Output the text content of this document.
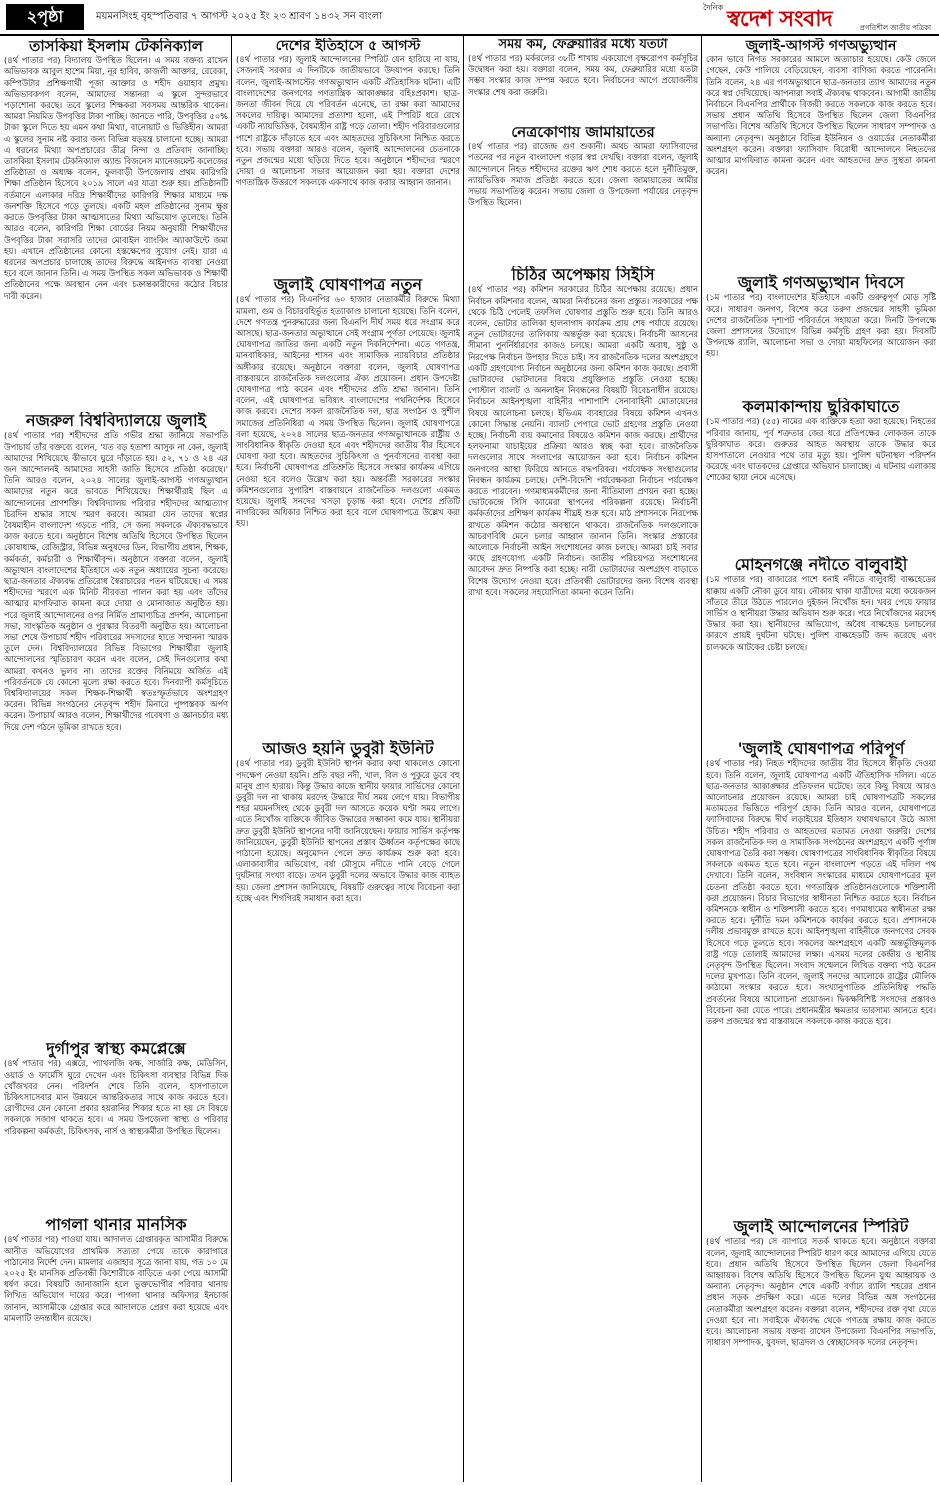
২পৃষ্ঠা	ময়মনসিংহ বৃহস্পতিবার ৭ আগস্ট ২০২৫ ইং ২৩ শ্রাবণ ১৪৩২ সন বাংলা
দৈনিক স্বদেশ সংবাদ	প্রগতিশীল জাতীয় পত্রিকা
তাসকিয়া ইসলাম টেকনিক্যাল
(৪র্থ পাতার পর) বিদ্যালয় উপস্থিত ছিলেন। এ সময় বক্তব্য রাখেন অভিভাবক আবুল হাশেম মিয়া, নূর হাবিব, কাজলী আক্তার, রেবেকা, কম্পিউটার প্রশিক্ষণার্থী পূজা আক্তার ও শহীদ ওয়াহাব প্রমুখ। অভিভাবকগণ বলেন, আমাদের সন্তানরা এ স্কুলে সুন্দরভাবে পড়াশোনা করছে। তবে স্কুলের শিক্ষকরা সবসময় আন্তরিক থাকেন। আমরা নিয়মিত উপবৃত্তির টাকা পাচ্ছি। জানতে পারি, উপবৃত্তির ৫০% টাকা স্কুলে দিতে হয় এমন কথা মিথ্যা, বানোয়াট ও ভিত্তিহীন। আমরা এ স্কুলের সুনাম নষ্ট করার জন্য বিভিন্ন ষড়যন্ত্র চালানো হচ্ছে। আমরা এ ধরনের মিথ্যা অপপ্রচারের তীব্র নিন্দা ও প্রতিবাদ জানাচ্ছি। তাসকিয়া ইসলাম টেকনিক্যাল অ্যান্ড বিজনেস ম্যানেজমেন্ট কলেজের প্রতিষ্ঠাতা ও অধ্যক্ষ বলেন, ফুলবাড়ী উপজেলায় প্রথম কারিগরি শিক্ষা প্রতিষ্ঠান হিসেবে ২০১৯ সালে এর যাত্রা শুরু হয়। প্রতিষ্ঠানটি বর্তমানে এলাকার দরিদ্র শিক্ষার্থীদের কারিগরি শিক্ষার মাধ্যমে দক্ষ জনশক্তি হিসেবে গড়ে তুলছে। একটি মহল প্রতিষ্ঠানের সুনাম ক্ষুণ্ণ করতে উপবৃত্তির টাকা আত্মসাতের মিথ্যা অভিযোগ তুলেছে। তিনি আরও বলেন, কারিগরি শিক্ষা বোর্ডের নিয়ম অনুযায়ী শিক্ষার্থীদের উপবৃত্তির টাকা সরাসরি তাদের মোবাইল ব্যাংকিং অ্যাকাউন্টে জমা হয়। এখানে প্রতিষ্ঠানের কোনো হস্তক্ষেপের সুযোগ নেই। যারা এ ধরনের অপপ্রচার চালাচ্ছে তাদের বিরুদ্ধে আইনগত ব্যবস্থা নেওয়া হবে বলে জানান তিনি। এ সময় উপস্থিত সকল অভিভাবক ও শিক্ষার্থী প্রতিষ্ঠানের পক্ষে অবস্থান নেন এবং চক্রান্তকারীদের কঠোর বিচার দাবী করেন।
নজরুল বিশ্ববিদ্যালয়ে জুলাই
(৪র্থ পাতার পর) শহীদদের প্রতি গভীর শ্রদ্ধা জানিয়ে সভাপতি উপাচার্য তাঁর বক্তব্যে বলেন, 'যত বড় হতাশা আসুক না কেন, জুলাই আমাদের শিখিয়েছে কীভাবে ঘুরে দাঁড়াতে হয়। ৫২, ৭১ ও ২৪ এর জন আন্দোলনই আমাদের সাহসী জাতি হিসেবে প্রতিষ্ঠা করেছে।' তিনি আরও বলেন, ২০২৪ সালের জুলাই-আগস্ট গণঅভ্যুত্থান আমাদের নতুন করে ভাবতে শিখিয়েছে। শিক্ষার্থীরাই ছিল এ আন্দোলনের প্রাণশক্তি। বিশ্ববিদ্যালয় পরিবার শহীদদের আত্মত্যাগ চিরদিন শ্রদ্ধার সাথে স্মরণ করবে। আমরা যেন তাদের স্বপ্নের বৈষম্যহীন বাংলাদেশ গড়তে পারি, সে জন্য সকলকে ঐক্যবদ্ধভাবে কাজ করতে হবে। অনুষ্ঠানে বিশেষ অতিথি হিসেবে উপস্থিত ছিলেন কোষাধ্যক্ষ, রেজিস্ট্রার, বিভিন্ন অনুষদের ডিন, বিভাগীয় প্রধান, শিক্ষক, কর্মকর্তা, কর্মচারী ও শিক্ষার্থীবৃন্দ। অনুষ্ঠানে বক্তারা বলেন, জুলাই অভ্যুত্থান বাংলাদেশের ইতিহাসে এক নতুন অধ্যায়ের সূচনা করেছে। ছাত্র-জনতার ঐক্যবদ্ধ প্রতিরোধ স্বৈরাচারের পতন ঘটিয়েছে। এ সময় শহীদদের স্মরণে এক মিনিট নীরবতা পালন করা হয় এবং তাঁদের আত্মার মাগফিরাত কামনা করে দোয়া ও মোনাজাত অনুষ্ঠিত হয়। পরে জুলাই আন্দোলনের ওপর নির্মিত প্রামাণ্যচিত্র প্রদর্শন, আলোচনা সভা, সাংস্কৃতিক অনুষ্ঠান ও পুরস্কার বিতরণী অনুষ্ঠিত হয়। আলোচনা সভা শেষে উপাচার্য শহীদ পরিবারের সদস্যদের হাতে সম্মাননা স্মারক তুলে দেন। বিশ্ববিদ্যালয়ের বিভিন্ন বিভাগের শিক্ষার্থীরা জুলাই আন্দোলনের স্মৃতিচারণ করেন এবং বলেন, সেই দিনগুলোর কথা আমরা কখনও ভুলব না। তাদের রক্তের বিনিময়ে অর্জিত এই পরিবর্তনকে যে কোনো মূল্যে রক্ষা করতে হবে। দিনব্যাপী কর্মসূচিতে বিশ্ববিদ্যালয়ের সকল শিক্ষক-শিক্ষার্থী স্বতঃস্ফূর্তভাবে অংশগ্রহণ করেন। বিভিন্ন সংগঠনের নেতৃবৃন্দ শহীদ মিনারে পুষ্পস্তবক অর্পণ করেন। উপাচার্য আরও বলেন, শিক্ষার্থীদের গবেষণা ও জ্ঞানচর্চার মধ্য দিয়ে দেশ গঠনে ভূমিকা রাখতে হবে।
দুর্গাপুর স্বাস্থ্য কমপ্লেক্সে
(৪র্থ পাতার পর) এক্সরে, প্যাথলজি কক্ষ, সার্জারি কক্ষ, মেডিসিন, ওয়ার্ড ও ফার্মেসি ঘুরে দেখেন এবং চিকিৎসা ব্যবস্থার বিভিন্ন দিক খোঁজখবর নেন। পরিদর্শন শেষে তিনি বলেন, হাসপাতালে চিকিৎসাসেবার মান উন্নয়নে আন্তরিকতার সাথে কাজ করতে হবে। রোগীদের যেন কোনো প্রকার হয়রানির শিকার হতে না হয় সে বিষয়ে সকলকে সজাগ থাকতে হবে। এ সময় উপজেলা স্বাস্থ্য ও পরিবার পরিকল্পনা কর্মকর্তা, চিকিৎসক, নার্স ও স্বাস্থ্যকর্মীরা উপস্থিত ছিলেন।
পাগলা থানার মানসিক
(৪র্থ পাতার পর) পাওয়া যায়। আদালত গ্রেপ্তারকৃত আসামীর বিরুদ্ধে আনীত অভিযোগের প্রাথমিক সত্যতা পেয়ে তাকে কারাগারে পাঠানোর নির্দেশ দেন। মামলার এজাহার সূত্রে জানা যায়, গত ১০ মে ২০২৫ ইং মানসিক প্রতিবন্ধী কিশোরীকে বাড়িতে একা পেয়ে আসামী ধর্ষণ করে। বিষয়টি জানাজানি হলে ভুক্তভোগীর পরিবার থানায় লিখিত অভিযোগ দায়ের করে। পাগলা থানার অফিসার ইনচার্জ জানান, আসামীকে গ্রেপ্তার করে আদালতে প্রেরণ করা হয়েছে এবং মামলাটি তদন্তাধীন রয়েছে।
দেশের ইতিহাসে ৫ আগস্ট
(৪র্থ পাতার পর) জুলাই আন্দোলনের স্পিরিট যেন হারিয়ে না যায়, সেজন্যই সরকার এ দিনটিকে জাতীয়ভাবে উদযাপন করছে। তিনি বলেন, জুলাই-আগস্টের গণঅভ্যুত্থান একটি ঐতিহাসিক ঘটনা। এটি বাংলাদেশের জনগণের গণতান্ত্রিক আকাঙ্ক্ষার বহিঃপ্রকাশ। ছাত্র-জনতা জীবন দিয়ে যে পরিবর্তন এনেছে, তা রক্ষা করা আমাদের সকলের দায়িত্ব। আমাদের প্রত্যাশা হলো, এই স্পিরিট ধরে রেখে একটি ন্যায়ভিত্তিক, বৈষম্যহীন রাষ্ট্র গড়ে তোলা। শহীদ পরিবারগুলোর পাশে রাষ্ট্রকে দাঁড়াতে হবে এবং আহতদের সুচিকিৎসা নিশ্চিত করতে হবে। সভায় বক্তারা আরও বলেন, জুলাই আন্দোলনের চেতনাকে নতুন প্রজন্মের মধ্যে ছড়িয়ে দিতে হবে। অনুষ্ঠানে শহীদদের স্মরণে দোয়া ও আলোচনা সভার আয়োজন করা হয়। বক্তারা দেশের গণতান্ত্রিক উত্তরণে সকলকে একসাথে কাজ করার আহ্বান জানান।
জুলাই ঘোষণাপত্র নতুন
(৪র্থ পাতার পর) বিএনপির ৬০ হাজার নেতাকর্মীর বিরুদ্ধে মিথ্যা মামলা, গুম ও বিচারবহির্ভূত হত্যাকাণ্ড চালানো হয়েছে। তিনি বলেন, দেশে গণতন্ত্র পুনরুদ্ধারের জন্য বিএনপি দীর্ঘ সময় ধরে সংগ্রাম করে আসছে। ছাত্র-জনতার অভ্যুত্থানে সেই সংগ্রাম পূর্ণতা পেয়েছে। জুলাই ঘোষণাপত্র জাতির জন্য একটি নতুন দিকনির্দেশনা। এতে গণতন্ত্র, মানবাধিকার, আইনের শাসন এবং সামাজিক ন্যায়বিচার প্রতিষ্ঠার অঙ্গীকার রয়েছে। অনুষ্ঠানে বক্তারা বলেন, জুলাই ঘোষণাপত্র বাস্তবায়নে রাজনৈতিক দলগুলোর ঐক্য প্রয়োজন। প্রধান উপদেষ্টা ঘোষণাপত্র পাঠ করেন এবং শহীদদের প্রতি শ্রদ্ধা জানান। তিনি বলেন, এই ঘোষণাপত্র ভবিষ্যৎ বাংলাদেশের পথনির্দেশক হিসেবে কাজ করবে। দেশের সকল রাজনৈতিক দল, ছাত্র সংগঠন ও সুশীল সমাজের প্রতিনিধিরা এ সময় উপস্থিত ছিলেন। জুলাই ঘোষণাপত্রে বলা হয়েছে, ২০২৪ সালের ছাত্র-জনতার গণঅভ্যুত্থানকে রাষ্ট্রীয় ও সাংবিধানিক স্বীকৃতি দেওয়া হবে এবং শহীদদের জাতীয় বীর হিসেবে ঘোষণা করা হবে। আহতদের সুচিকিৎসা ও পুনর্বাসনের ব্যবস্থা করা হবে। নির্বাচনী ঘোষণাপত্র প্রতিশ্রুতি হিসেবে সংস্কার কার্যক্রম এগিয়ে নেওয়া হবে বলেও উল্লেখ করা হয়। অন্তর্বর্তী সরকারের সংস্কার কমিশনগুলোর সুপারিশ বাস্তবায়নে রাজনৈতিক দলগুলো একমত হয়েছে। জুলাই সনদের খসড়া চূড়ান্ত করা হবে। দেশের প্রতিটি নাগরিকের অধিকার নিশ্চিত করা হবে বলে ঘোষণাপত্রে উল্লেখ করা হয়।
আজও হয়নি ডুবুরী ইউনিট
(৪র্থ পাতার পর) ডুবুরী ইউনিট স্থাপন করার কথা থাকলেও কোনো পদক্ষেপ নেওয়া হয়নি। প্রতি বছর নদী, খাল, বিল ও পুকুরে ডুবে বহু মানুষ প্রাণ হারায়। কিন্তু উদ্ধার কাজে স্থানীয় ফায়ার সার্ভিসের কোনো ডুবুরী দল না থাকায় মরদেহ উদ্ধারে দীর্ঘ সময় লেগে যায়। বিভাগীয় শহর ময়মনসিংহ থেকে ডুবুরী দল আসতে কয়েক ঘণ্টা সময় লাগে। এতে নিখোঁজ ব্যক্তিকে জীবিত উদ্ধারের সম্ভাবনা কমে যায়। স্থানীয়রা দ্রুত ডুবুরী ইউনিট স্থাপনের দাবী জানিয়েছেন। ফায়ার সার্ভিস কর্তৃপক্ষ জানিয়েছেন, ডুবুরী ইউনিট স্থাপনের প্রস্তাব ঊর্ধ্বতন কর্তৃপক্ষের কাছে পাঠানো হয়েছে। অনুমোদন পেলে দ্রুত কার্যক্রম শুরু করা হবে। এলাকাবাসীর অভিযোগ, বর্ষা মৌসুমে নদীতে পানি বেড়ে গেলে দুর্ঘটনার সংখ্যা বাড়ে। তখন ডুবুরী দলের অভাবে উদ্ধার কাজ ব্যাহত হয়। জেলা প্রশাসন জানিয়েছে, বিষয়টি গুরুত্বের সাথে বিবেচনা করা হচ্ছে এবং শিগগিরই সমাধান করা হবে।
সময় কম, ফেব্রুয়ারির মধ্যে যতটা
(৪র্থ পাতার পর) মর্করলের ৩৮টি শাখায় একযোগে বৃক্ষরোপণ কর্মসূচির উদ্বোধন করা হয়। বক্তারা বলেন, সময় কম, ফেব্রুয়ারির মধ্যে যতটা সম্ভব সংস্কার কাজ সম্পন্ন করতে হবে। নির্বাচনের আগে প্রয়োজনীয় সংস্কার শেষ করা জরুরি।
নেত্রকোণায় জামায়াতের
(৪র্থ পাতার পর) রাজেন্দ্র গুণ শুকানী। অথচ আমরা ফ্যাসিবাদের পতনের পর নতুন বাংলাদেশ গড়ার স্বপ্ন দেখছি। বক্তারা বলেন, জুলাই আন্দোলনে নিহত শহীদদের রক্তের ঋণ শোধ করতে হলে দুর্নীতিমুক্ত, ন্যায়ভিত্তিক সমাজ প্রতিষ্ঠা করতে হবে। জেলা জামায়াতের আমীর সভায় সভাপতিত্ব করেন। সভায় জেলা ও উপজেলা পর্যায়ের নেতৃবৃন্দ উপস্থিত ছিলেন।
চিঠির অপেক্ষায় সিইসি
(৪র্থ পাতার পর) কমিশন সরকারের চিঠির অপেক্ষায় রয়েছে। প্রধান নির্বাচন কমিশনার বলেন, আমরা নির্বাচনের জন্য প্রস্তুত। সরকারের পক্ষ থেকে চিঠি পেলেই তফসিল ঘোষণার প্রস্তুতি শুরু হবে। তিনি আরও বলেন, ভোটার তালিকা হালনাগাদ কার্যক্রম প্রায় শেষ পর্যায়ে রয়েছে। নতুন ভোটারদের তালিকায় অন্তর্ভুক্ত করা হয়েছে। নির্বাচনী আসনের সীমানা পুনর্নির্ধারণের কাজও চলছে। আমরা একটি অবাধ, সুষ্ঠু ও নিরপেক্ষ নির্বাচন উপহার দিতে চাই। সব রাজনৈতিক দলের অংশগ্রহণে একটি গ্রহণযোগ্য নির্বাচন অনুষ্ঠানের জন্য কমিশন কাজ করছে। প্রবাসী ভোটারদের ভোটদানের বিষয়ে প্রযুক্তিগত প্রস্তুতি নেওয়া হচ্ছে। পোস্টাল ব্যালট ও অনলাইন নিবন্ধনের বিষয়টি বিবেচনাধীন রয়েছে। নির্বাচনে আইনশৃঙ্খলা বাহিনীর পাশাপাশি সেনাবাহিনী মোতায়েনের বিষয়ে আলোচনা চলছে। ইভিএম ব্যবহারের বিষয়ে কমিশন এখনও কোনো সিদ্ধান্ত নেয়নি। ব্যালট পেপারে ভোট গ্রহণের প্রস্তুতি নেওয়া হচ্ছে। নির্বাচনী ব্যয় কমানোর বিষয়েও কমিশন কাজ করছে। প্রার্থীদের হলফনামা যাচাইয়ের প্রক্রিয়া আরও স্বচ্ছ করা হবে। রাজনৈতিক দলগুলোর সাথে সংলাপের আয়োজন করা হবে। নির্বাচন কমিশন জনগণের আস্থা ফিরিয়ে আনতে বদ্ধপরিকর। পর্যবেক্ষক সংস্থাগুলোর নিবন্ধন কার্যক্রম চলছে। দেশি-বিদেশি পর্যবেক্ষকরা নির্বাচন পর্যবেক্ষণ করতে পারবেন। গণমাধ্যমকর্মীদের জন্য নীতিমালা প্রণয়ন করা হচ্ছে। ভোটকেন্দ্রে সিসি ক্যামেরা স্থাপনের পরিকল্পনা রয়েছে। নির্বাচনী কর্মকর্তাদের প্রশিক্ষণ কার্যক্রম শীঘ্রই শুরু হবে। মাঠ প্রশাসনকে নিরপেক্ষ রাখতে কমিশন কঠোর অবস্থানে থাকবে। রাজনৈতিক দলগুলোকে আচরণবিধি মেনে চলার আহ্বান জানান তিনি। সংস্কার প্রস্তাবের আলোকে নির্বাচনী আইন সংশোধনের কাজ চলছে। আমরা চাই সবার কাছে গ্রহণযোগ্য একটি নির্বাচন। জাতীয় পরিচয়পত্র সংশোধনের আবেদন দ্রুত নিষ্পত্তি করা হচ্ছে। নারী ভোটারদের অংশগ্রহণ বাড়াতে বিশেষ উদ্যোগ নেওয়া হবে। প্রতিবন্ধী ভোটারদের জন্য বিশেষ ব্যবস্থা রাখা হবে। সকলের সহযোগিতা কামনা করেন তিনি।
জুলাই-আগস্ট গণঅভ্যুত্থান
কোন ভাবে নিগত সরকারের আমলে অত্যাচার হয়েছে। কেউ জেলে গেছেন, কেউ পালিয়ে বেড়িয়েছেন, ব্যবসা বাণিজ্য করতে পারেননি। তিনি বলেন, ২৪ এর গণঅভ্যুত্থানে ছাত্র-জনতার ত্যাগ আমাদের নতুন করে স্বপ্ন দেখিয়েছে। আপনারা সবাই ঐক্যবদ্ধ থাকবেন। আগামী জাতীয় নির্বাচনে বিএনপির প্রার্থীকে বিজয়ী করতে সকলকে কাজ করতে হবে। সভায় প্রধান অতিথি হিসেবে উপস্থিত ছিলেন জেলা বিএনপির সভাপতি। বিশেষ অতিথি হিসেবে উপস্থিত ছিলেন সাধারণ সম্পাদক ও অন্যান্য নেতৃবৃন্দ। অনুষ্ঠানে বিভিন্ন ইউনিয়ন ও ওয়ার্ডের নেতাকর্মীরা অংশগ্রহণ করেন। বক্তারা ফ্যাসিবাদ বিরোধী আন্দোলনে নিহতদের আত্মার মাগফিরাত কামনা করেন এবং আহতদের দ্রুত সুস্থতা কামনা করেন।
জুলাই গণঅভ্যুত্থান দিবসে
(১ম পাতার পর) বাংলাদেশের ইতিহাসে একটি গুরুত্বপূর্ণ মোড় সৃষ্টি করে। সাধারণ জনগণ, বিশেষ করে তরুণ প্রজন্মের সাহসী ভূমিকা দেশের রাজনৈতিক দৃশ্যপট পরিবর্তনে সহায়তা করে। দিনটি উপলক্ষে জেলা প্রশাসনের উদ্যোগে বিভিন্ন কর্মসূচি গ্রহণ করা হয়। দিবসটি উপলক্ষে র‍্যালি, আলোচনা সভা ও দোয়া মাহফিলের আয়োজন করা হয়।
কলমাকান্দায় ছুরিকাঘাতে
(১ম পাতার পর) (৫৫) নামের এক ব্যক্তিকে হত্যা করা হয়েছে। নিহতের পরিবার জানায়, পূর্ব শত্রুতার জের ধরে প্রতিপক্ষের লোকজন তাকে ছুরিকাঘাত করে। গুরুতর আহত অবস্থায় তাকে উদ্ধার করে হাসপাতালে নেওয়ার পথে তার মৃত্যু হয়। পুলিশ ঘটনাস্থল পরিদর্শন করেছে এবং ঘাতকদের গ্রেপ্তারে অভিযান চালাচ্ছে। এ ঘটনায় এলাকায় শোকের ছায়া নেমে এসেছে।
মোহনগঞ্জে নদীতে বালুবাহী
(১ম পাতার পর) বাজারের পাশে ধনাই নদীতে বালুবাহী বাল্কহেডের ধাক্কায় একটি নৌকা ডুবে যায়। নৌকায় থাকা যাত্রীদের মধ্যে কয়েকজন সাঁতরে তীরে উঠতে পারলেও দুইজন নিখোঁজ হন। খবর পেয়ে ফায়ার সার্ভিস ও স্থানীয়রা উদ্ধার অভিযান শুরু করে। পরে নিখোঁজদের মরদেহ উদ্ধার করা হয়। স্থানীয়দের অভিযোগ, অবৈধ বাল্কহেড চলাচলের কারণে প্রায়ই দুর্ঘটনা ঘটছে। পুলিশ বাল্কহেডটি জব্দ করেছে এবং চালককে আটকের চেষ্টা চলছে।
'জুলাই ঘোষণাপত্র পরিপূর্ণ
(৪র্থ পাতার পর) নিহত শহীদদের জাতীয় বীর হিসেবে স্বীকৃতি দেওয়া হবে। তিনি বলেন, জুলাই ঘোষণাপত্র একটি ঐতিহাসিক দলিল। এতে ছাত্র-জনতার আকাঙ্ক্ষার প্রতিফলন ঘটেছে। তবে কিছু বিষয়ে আরও আলোচনার প্রয়োজন রয়েছে। আমরা চাই ঘোষণাপত্রটি সকলের মতামতের ভিত্তিতে পরিপূর্ণ হোক। তিনি আরও বলেন, ঘোষণাপত্রে ফ্যাসিবাদের বিরুদ্ধে দীর্ঘ লড়াইয়ের ইতিহাস যথাযথভাবে উঠে আসা উচিত। শহীদ পরিবার ও আহতদের মতামত নেওয়া জরুরি। দেশের সকল রাজনৈতিক দল ও সামাজিক সংগঠনের অংশগ্রহণে একটি পূর্ণাঙ্গ ঘোষণাপত্র তৈরি করা সম্ভব। ঘোষণাপত্রের সাংবিধানিক স্বীকৃতির বিষয়ে সকলকে একমত হতে হবে। নতুন বাংলাদেশ গড়তে এই দলিল পথ দেখাবে। তিনি বলেন, সংবিধান সংস্কারের মাধ্যমে ঘোষণাপত্রের মূল চেতনা প্রতিষ্ঠা করতে হবে। গণতান্ত্রিক প্রতিষ্ঠানগুলোকে শক্তিশালী করা প্রয়োজন। বিচার বিভাগের স্বাধীনতা নিশ্চিত করতে হবে। নির্বাচন কমিশনকে স্বাধীন ও শক্তিশালী করতে হবে। গণমাধ্যমের স্বাধীনতা রক্ষা করতে হবে। দুর্নীতি দমন কমিশনকে কার্যকর করতে হবে। প্রশাসনকে দলীয় প্রভাবমুক্ত রাখতে হবে। আইনশৃঙ্খলা বাহিনীকে জনগণের সেবক হিসেবে গড়ে তুলতে হবে। সকলের অংশগ্রহণে একটি অন্তর্ভুক্তিমূলক রাষ্ট্র গড়ে তোলাই আমাদের লক্ষ্য। এসময় দলের কেন্দ্রীয় ও স্থানীয় নেতৃবৃন্দ উপস্থিত ছিলেন। সংবাদ সম্মেলনে লিখিত বক্তব্য পাঠ করেন দলের মুখপাত্র। তিনি বলেন, জুলাই সনদের আলোকে রাষ্ট্রের মৌলিক কাঠামো সংস্কার করতে হবে। সংখ্যানুপাতিক প্রতিনিধিত্ব পদ্ধতি প্রবর্তনের বিষয়ে আলোচনা প্রয়োজন। দ্বিকক্ষবিশিষ্ট সংসদের প্রস্তাবও বিবেচনা করা যেতে পারে। প্রধানমন্ত্রীর ক্ষমতার ভারসাম্য আনতে হবে। তরুণ প্রজন্মের স্বপ্ন বাস্তবায়নে সকলকে কাজ করতে হবে।
জুলাই আন্দোলনের স্পিরিট
(৪র্থ পাতার পর) সে ব্যাপারে সতর্ক থাকতে হবে। অনুষ্ঠানে বক্তারা বলেন, জুলাই আন্দোলনের স্পিরিট ধারণ করে আমাদের এগিয়ে যেতে হবে। প্রধান অতিথি হিসেবে উপস্থিত ছিলেন জেলা বিএনপির আহ্বায়ক। বিশেষ অতিথি হিসেবে উপস্থিত ছিলেন যুগ্ম আহ্বায়ক ও অন্যান্য নেতৃবৃন্দ। অনুষ্ঠান শেষে একটি বর্ণাঢ্য র‍্যালি শহরের প্রধান প্রধান সড়ক প্রদক্ষিণ করে। এতে দলের বিভিন্ন অঙ্গ সংগঠনের নেতাকর্মীরা অংশগ্রহণ করেন। বক্তারা বলেন, শহীদদের রক্ত বৃথা যেতে দেওয়া হবে না। সবাইকে ঐক্যবদ্ধ থেকে গণতন্ত্র রক্ষায় কাজ করতে হবে। আলোচনা সভায় বক্তব্য রাখেন উপজেলা বিএনপির সভাপতি, সাধারণ সম্পাদক, যুবদল, ছাত্রদল ও স্বেচ্ছাসেবক দলের নেতৃবৃন্দ।
